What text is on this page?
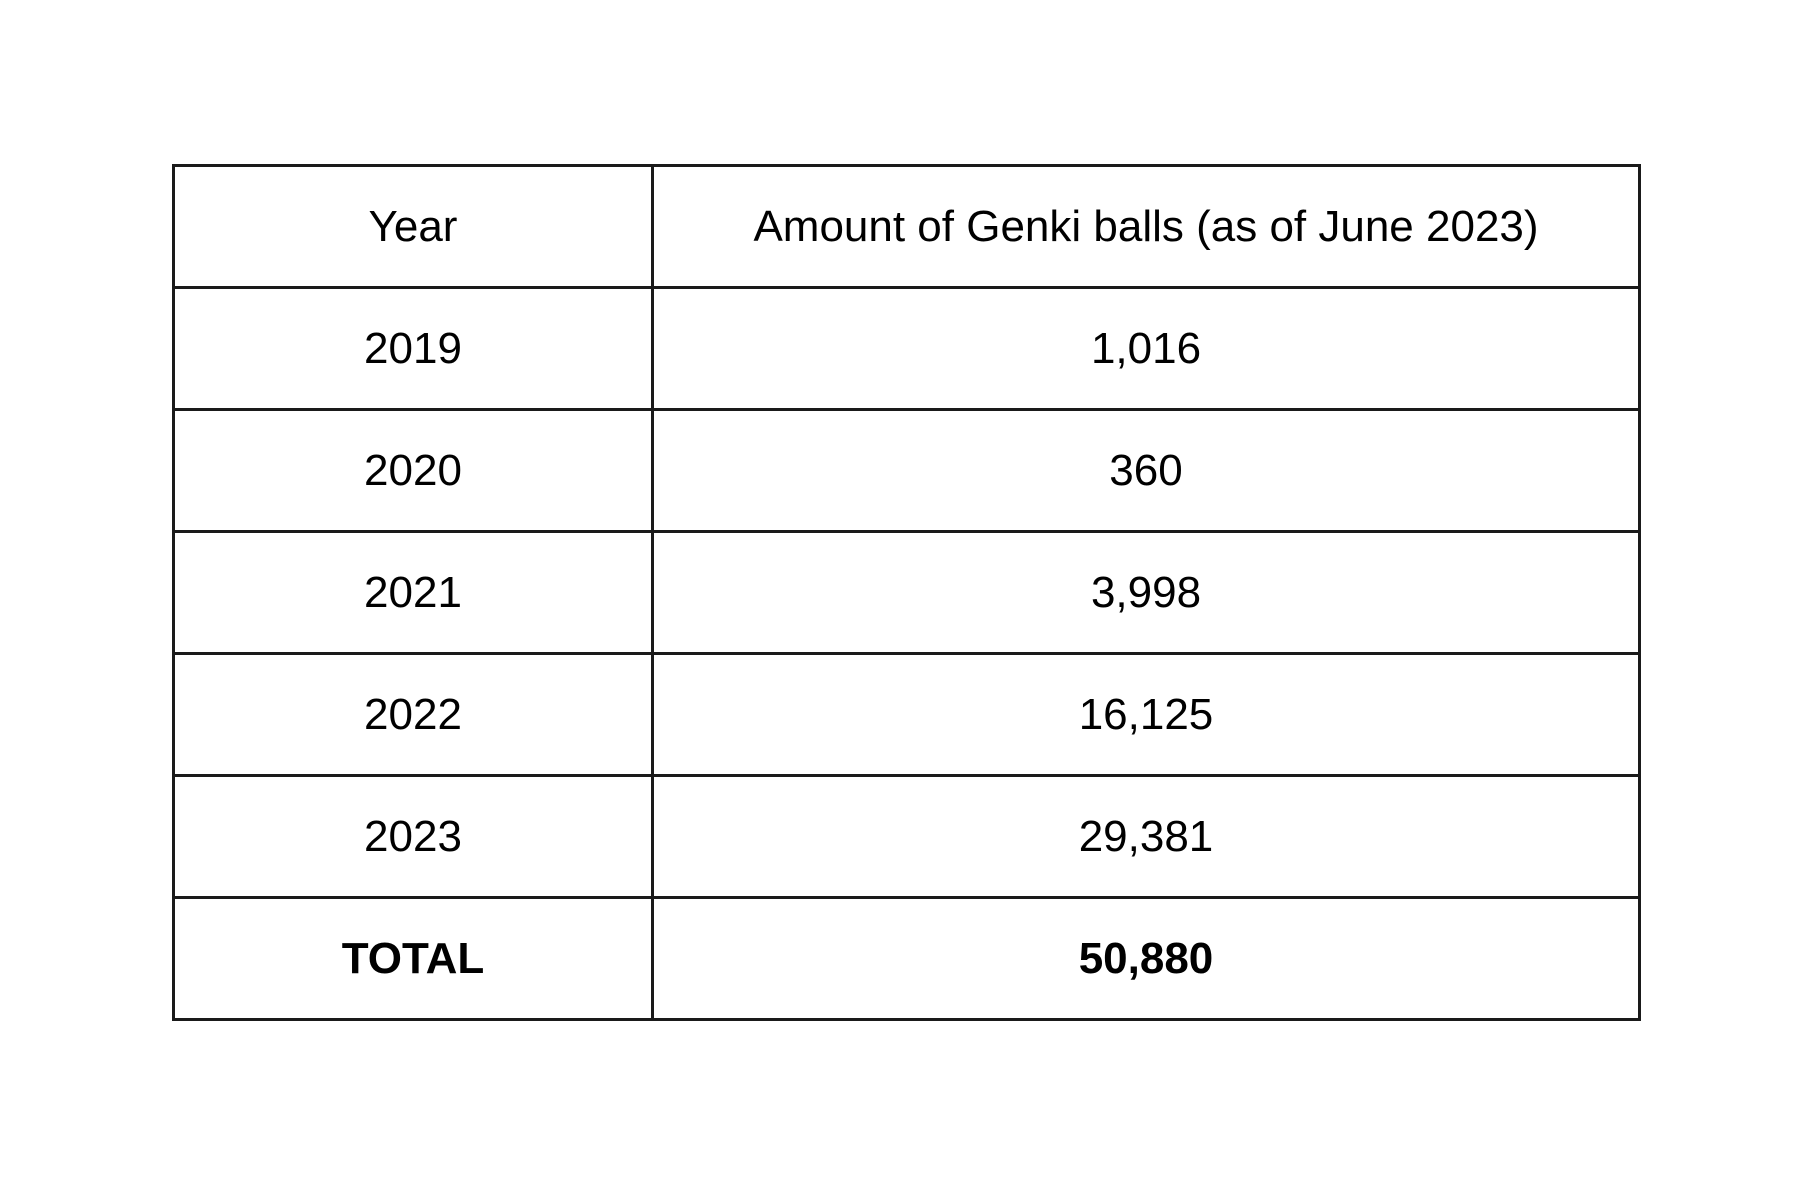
Year	Amount of Genki balls (as of June 2023)
2019	1,016
2020	360
2021	3,998
2022	16,125
2023	29,381
TOTAL	50,880
